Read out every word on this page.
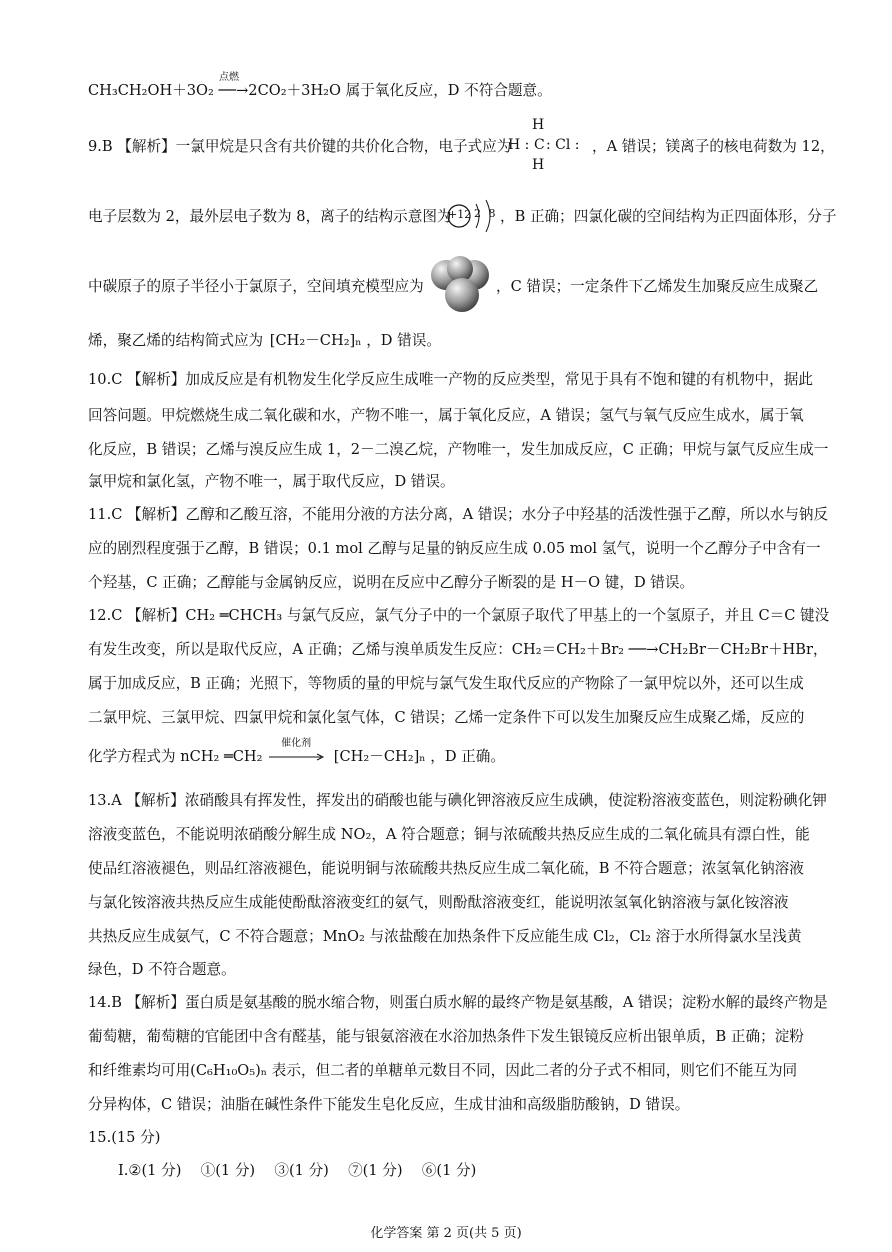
CH₃CH₂OH＋3O₂ ──→2CO₂＋3H₂O 属于氧化反应，D 不符合题意。
点燃
9.B 【解析】一氯甲烷是只含有共价键的共价化合物，电子式应为
H
H : C : Cl :
H
，A 错误；镁离子的核电荷数为 12，
电子层数为 2，最外层电子数为 8，离子的结构示意图为
+12 2 8 ，B 正确；四氯化碳的空间结构为正四面体形，分子
中碳原子的原子半径小于氯原子，空间填充模型应为	，C 错误；一定条件下乙烯发生加聚反应生成聚乙
烯，聚乙烯的结构简式应为 [CH₂－CH₂]ₙ ，D 错误。
10.C 【解析】加成反应是有机物发生化学反应生成唯一产物的反应类型，常见于具有不饱和键的有机物中，据此
回答问题。甲烷燃烧生成二氧化碳和水，产物不唯一，属于氧化反应，A 错误；氢气与氧气反应生成水，属于氧
化反应，B 错误；乙烯与溴反应生成 1，2－二溴乙烷，产物唯一，发生加成反应，C 正确；甲烷与氯气反应生成一
氯甲烷和氯化氢，产物不唯一，属于取代反应，D 错误。
11.C 【解析】乙醇和乙酸互溶，不能用分液的方法分离，A 错误；水分子中羟基的活泼性强于乙醇，所以水与钠反
应的剧烈程度强于乙醇，B 错误；0.1 mol 乙醇与足量的钠反应生成 0.05 mol 氢气，说明一个乙醇分子中含有一
个羟基，C 正确；乙醇能与金属钠反应，说明在反应中乙醇分子断裂的是 H－O 键，D 错误。
12.C 【解析】CH₂ ═CHCH₃ 与氯气反应，氯气分子中的一个氯原子取代了甲基上的一个氢原子，并且 C＝C 键没
有发生改变，所以是取代反应，A 正确；乙烯与溴单质发生反应：CH₂＝CH₂＋Br₂ ──→CH₂Br－CH₂Br＋HBr，
属于加成反应，B 正确；光照下，等物质的量的甲烷与氯气发生取代反应的产物除了一氯甲烷以外，还可以生成
二氯甲烷、三氯甲烷、四氯甲烷和氯化氢气体，C 错误；乙烯一定条件下可以发生加聚反应生成聚乙烯，反应的
化学方程式为 nCH₂ ═CH₂
催化剂
[CH₂－CH₂]ₙ ，D 正确。
13.A 【解析】浓硝酸具有挥发性，挥发出的硝酸也能与碘化钾溶液反应生成碘，使淀粉溶液变蓝色，则淀粉碘化钾
溶液变蓝色，不能说明浓硝酸分解生成 NO₂，A 符合题意；铜与浓硫酸共热反应生成的二氧化硫具有漂白性，能
使品红溶液褪色，则品红溶液褪色，能说明铜与浓硫酸共热反应生成二氧化硫，B 不符合题意；浓氢氧化钠溶液
与氯化铵溶液共热反应生成能使酚酞溶液变红的氨气，则酚酞溶液变红，能说明浓氢氧化钠溶液与氯化铵溶液
共热反应生成氨气，C 不符合题意；MnO₂ 与浓盐酸在加热条件下反应能生成 Cl₂，Cl₂ 溶于水所得氯水呈浅黄
绿色，D 不符合题意。
14.B 【解析】蛋白质是氨基酸的脱水缩合物，则蛋白质水解的最终产物是氨基酸，A 错误；淀粉水解的最终产物是
葡萄糖，葡萄糖的官能团中含有醛基，能与银氨溶液在水浴加热条件下发生银镜反应析出银单质，B 正确；淀粉
和纤维素均可用(C₆H₁₀O₅)ₙ 表示，但二者的单糖单元数目不同，因此二者的分子式不相同，则它们不能互为同
分异构体，C 错误；油脂在碱性条件下能发生皂化反应，生成甘油和高级脂肪酸钠，D 错误。
15.(15 分)
Ⅰ.②(1 分)　 ①(1 分)　 ③(1 分)　 ⑦(1 分)　 ⑥(1 分)
化学答案 第 2 页(共 5 页)
